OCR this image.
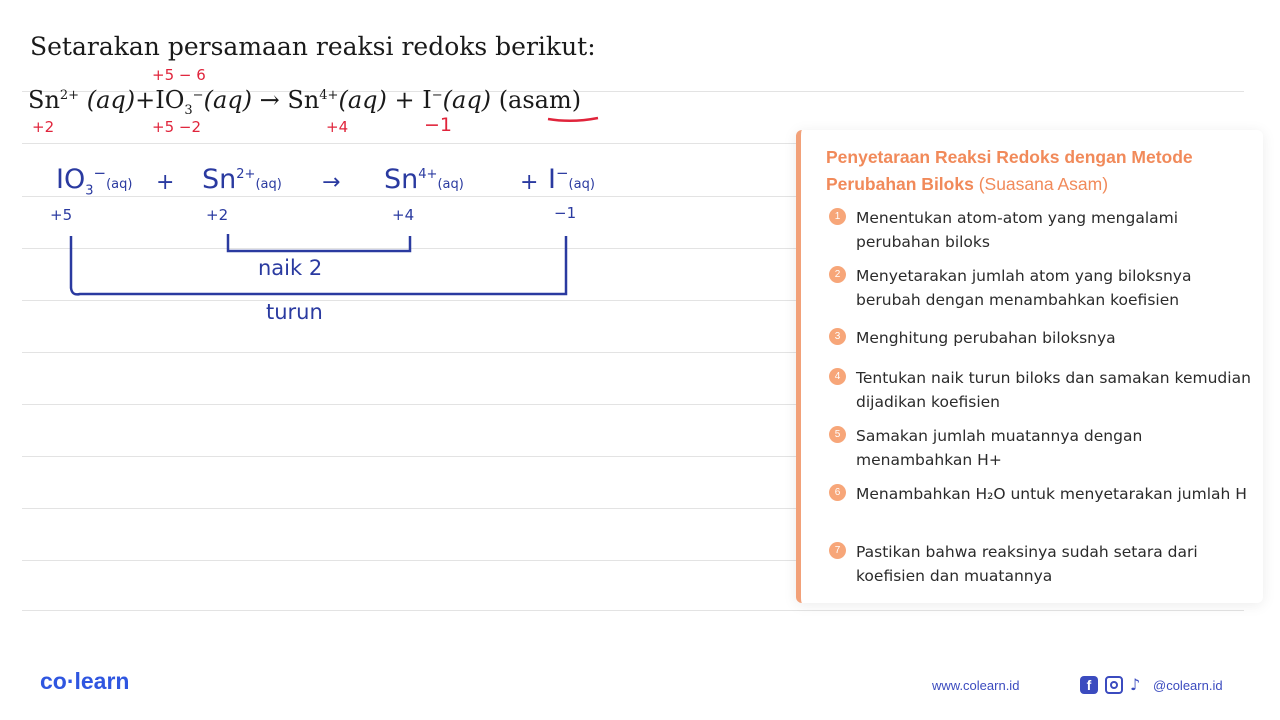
Setarakan persamaan reaksi redoks berikut:
$Sn^{2+}$ $(aq)+IO_3^-(aq) \to Sn^{4+}(aq) + I^-(aq)$ (asam)
+5 − 6
+2	+5 −2	+4	−1
$IO_3^-(aq) + Sn^{2+}(aq) \to Sn^{4+}(aq)$	+ I−(aq)
+5	+2	+4	−1
naik 2
turun
Penyetaraan Reaksi Redoks dengan Metode Perubahan Biloks (Suasana Asam)
1	Menentukan atom-atom yang mengalami perubahan biloks
2	Menyetarakan jumlah atom yang biloksnya berubah dengan menambahkan koefisien
3	Menghitung perubahan biloksnya
4	Tentukan naik turun biloks dan samakan kemudian dijadikan koefisien
5	Samakan jumlah muatannya dengan menambahkan H+
6	Menambahkan H₂O untuk menyetarakan jumlah H
7	Pastikan bahwa reaksinya sudah setara dari koefisien dan muatannya
co·learn	www.colearn.id	f	♪ @colearn.id
